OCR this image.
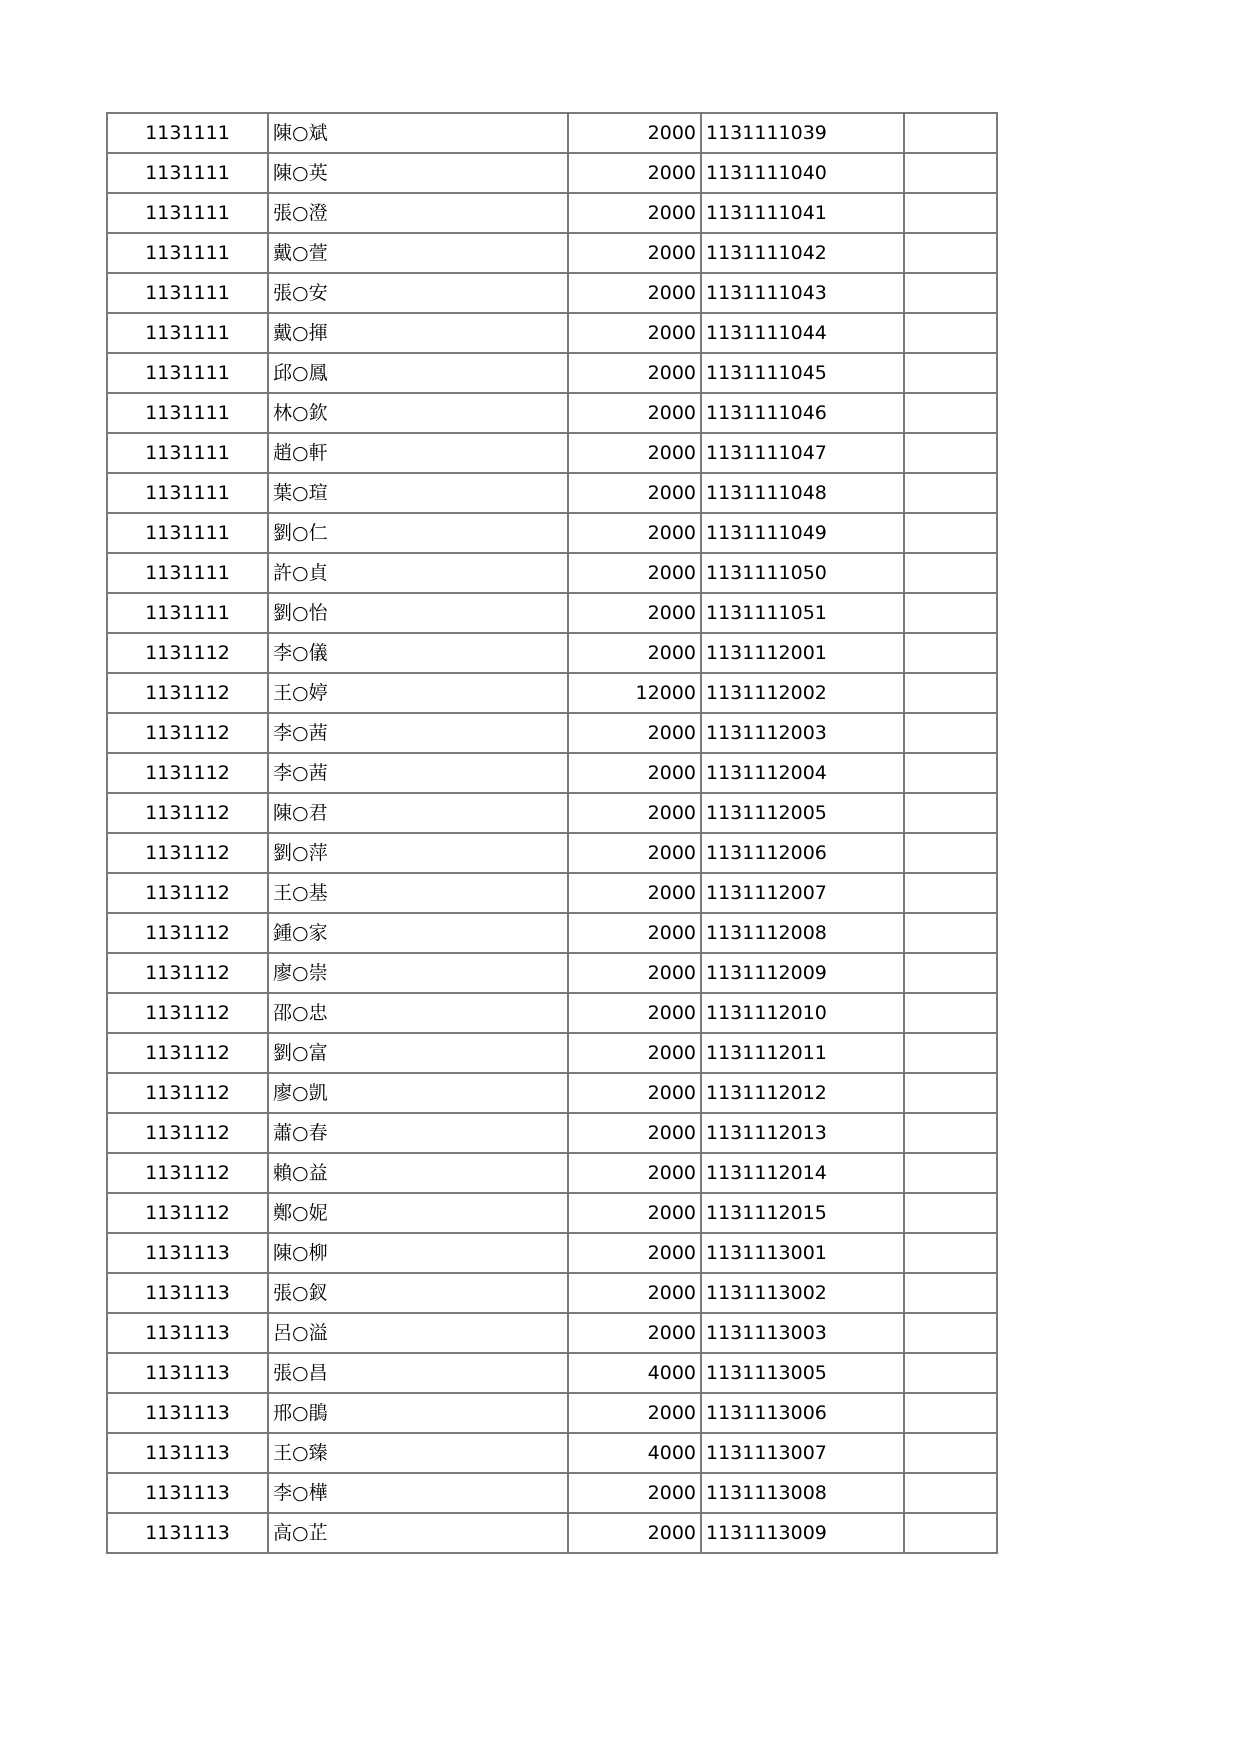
1131111	陳○斌	2000	1131111039	
1131111	陳○英	2000	1131111040	
1131111	張○澄	2000	1131111041	
1131111	戴○萱	2000	1131111042	
1131111	張○安	2000	1131111043	
1131111	戴○揮	2000	1131111044	
1131111	邱○鳳	2000	1131111045	
1131111	林○欽	2000	1131111046	
1131111	趙○軒	2000	1131111047	
1131111	葉○瑄	2000	1131111048	
1131111	劉○仁	2000	1131111049	
1131111	許○貞	2000	1131111050	
1131111	劉○怡	2000	1131111051	
1131112	李○儀	2000	1131112001	
1131112	王○婷	12000	1131112002	
1131112	李○茜	2000	1131112003	
1131112	李○茜	2000	1131112004	
1131112	陳○君	2000	1131112005	
1131112	劉○萍	2000	1131112006	
1131112	王○基	2000	1131112007	
1131112	鍾○家	2000	1131112008	
1131112	廖○崇	2000	1131112009	
1131112	邵○忠	2000	1131112010	
1131112	劉○富	2000	1131112011	
1131112	廖○凱	2000	1131112012	
1131112	蕭○春	2000	1131112013	
1131112	賴○益	2000	1131112014	
1131112	鄭○妮	2000	1131112015	
1131113	陳○柳	2000	1131113001	
1131113	張○釵	2000	1131113002	
1131113	呂○溢	2000	1131113003	
1131113	張○昌	4000	1131113005	
1131113	邢○鵑	2000	1131113006	
1131113	王○臻	4000	1131113007	
1131113	李○樺	2000	1131113008	
1131113	高○芷	2000	1131113009	
